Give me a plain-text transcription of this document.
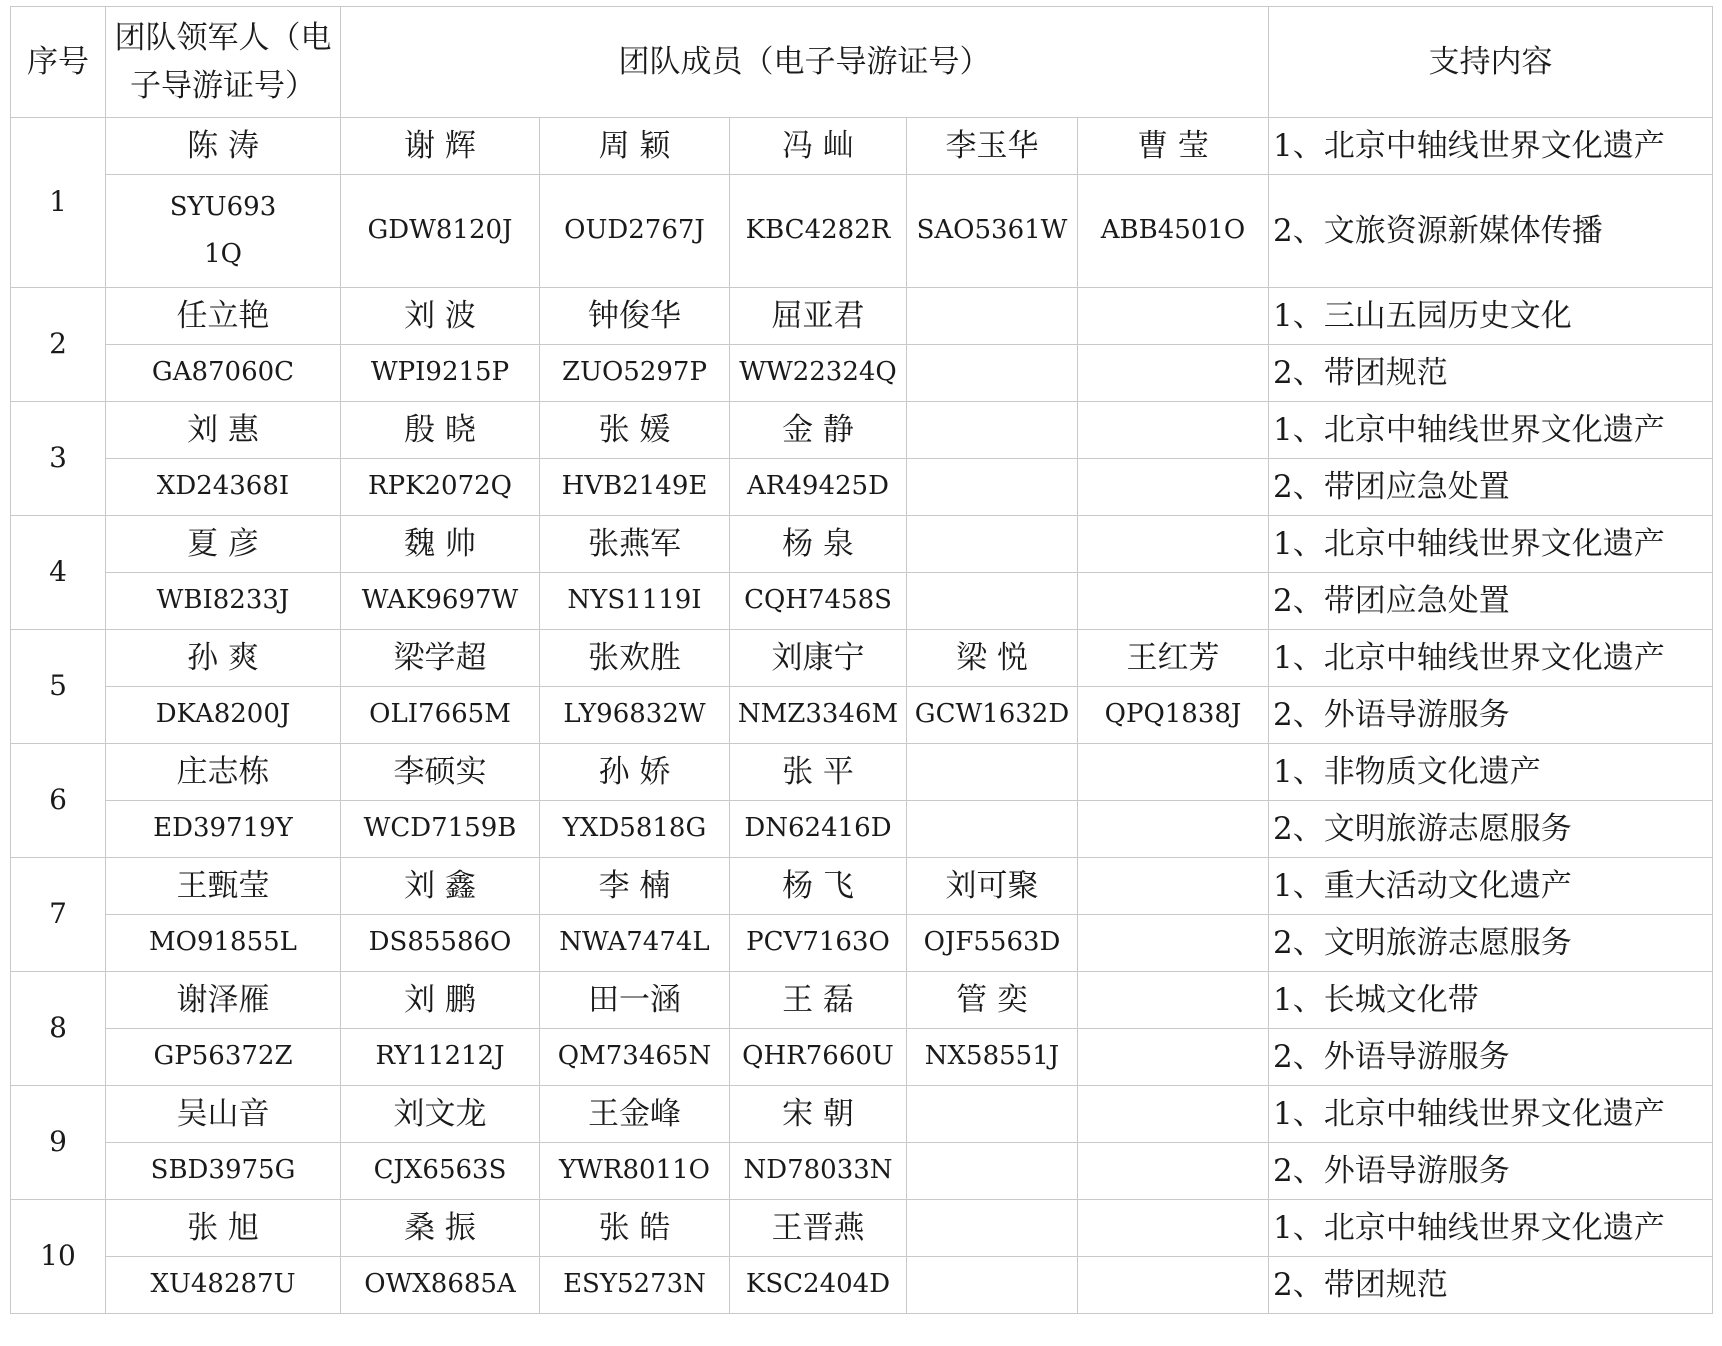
序号	团队领军人（电子导游证号）	团队成员（电子导游证号）					支持内容
1	陈 涛	谢 辉	周 颖	冯 屾	李玉华	曹 莹	1、北京中轴线世界文化遗产
	SYU6931Q	GDW8120J	OUD2767J	KBC4282R	SAO5361W	ABB4501O	2、文旅资源新媒体传播
2	任立艳	刘 波	钟俊华	屈亚君			1、三山五园历史文化
	GA87060C	WPI9215P	ZUO5297P	WW22324Q			2、带团规范
3	刘 惠	殷 晓	张 媛	金 静			1、北京中轴线世界文化遗产
	XD24368I	RPK2072Q	HVB2149E	AR49425D			2、带团应急处置
4	夏 彦	魏 帅	张燕军	杨 泉			1、北京中轴线世界文化遗产
	WBI8233J	WAK9697W	NYS1119I	CQH7458S			2、带团应急处置
5	孙 爽	梁学超	张欢胜	刘康宁	梁 悦	王红芳	1、北京中轴线世界文化遗产
	DKA8200J	OLI7665M	LY96832W	NMZ3346M	GCW1632D	QPQ1838J	2、外语导游服务
6	庄志栋	李硕实	孙 娇	张 平			1、非物质文化遗产
	ED39719Y	WCD7159B	YXD5818G	DN62416D			2、文明旅游志愿服务
7	王甄莹	刘 鑫	李 楠	杨 飞	刘可聚		1、重大活动文化遗产
	MO91855L	DS85586O	NWA7474L	PCV7163O	OJF5563D		2、文明旅游志愿服务
8	谢泽雁	刘 鹏	田一涵	王 磊	管 奕		1、长城文化带
	GP56372Z	RY11212J	QM73465N	QHR7660U	NX58551J		2、外语导游服务
9	吴山音	刘文龙	王金峰	宋 朝			1、北京中轴线世界文化遗产
	SBD3975G	CJX6563S	YWR8011O	ND78033N			2、外语导游服务
10	张 旭	桑 振	张 皓	王晋燕			1、北京中轴线世界文化遗产
	XU48287U	OWX8685A	ESY5273N	KSC2404D			2、带团规范
